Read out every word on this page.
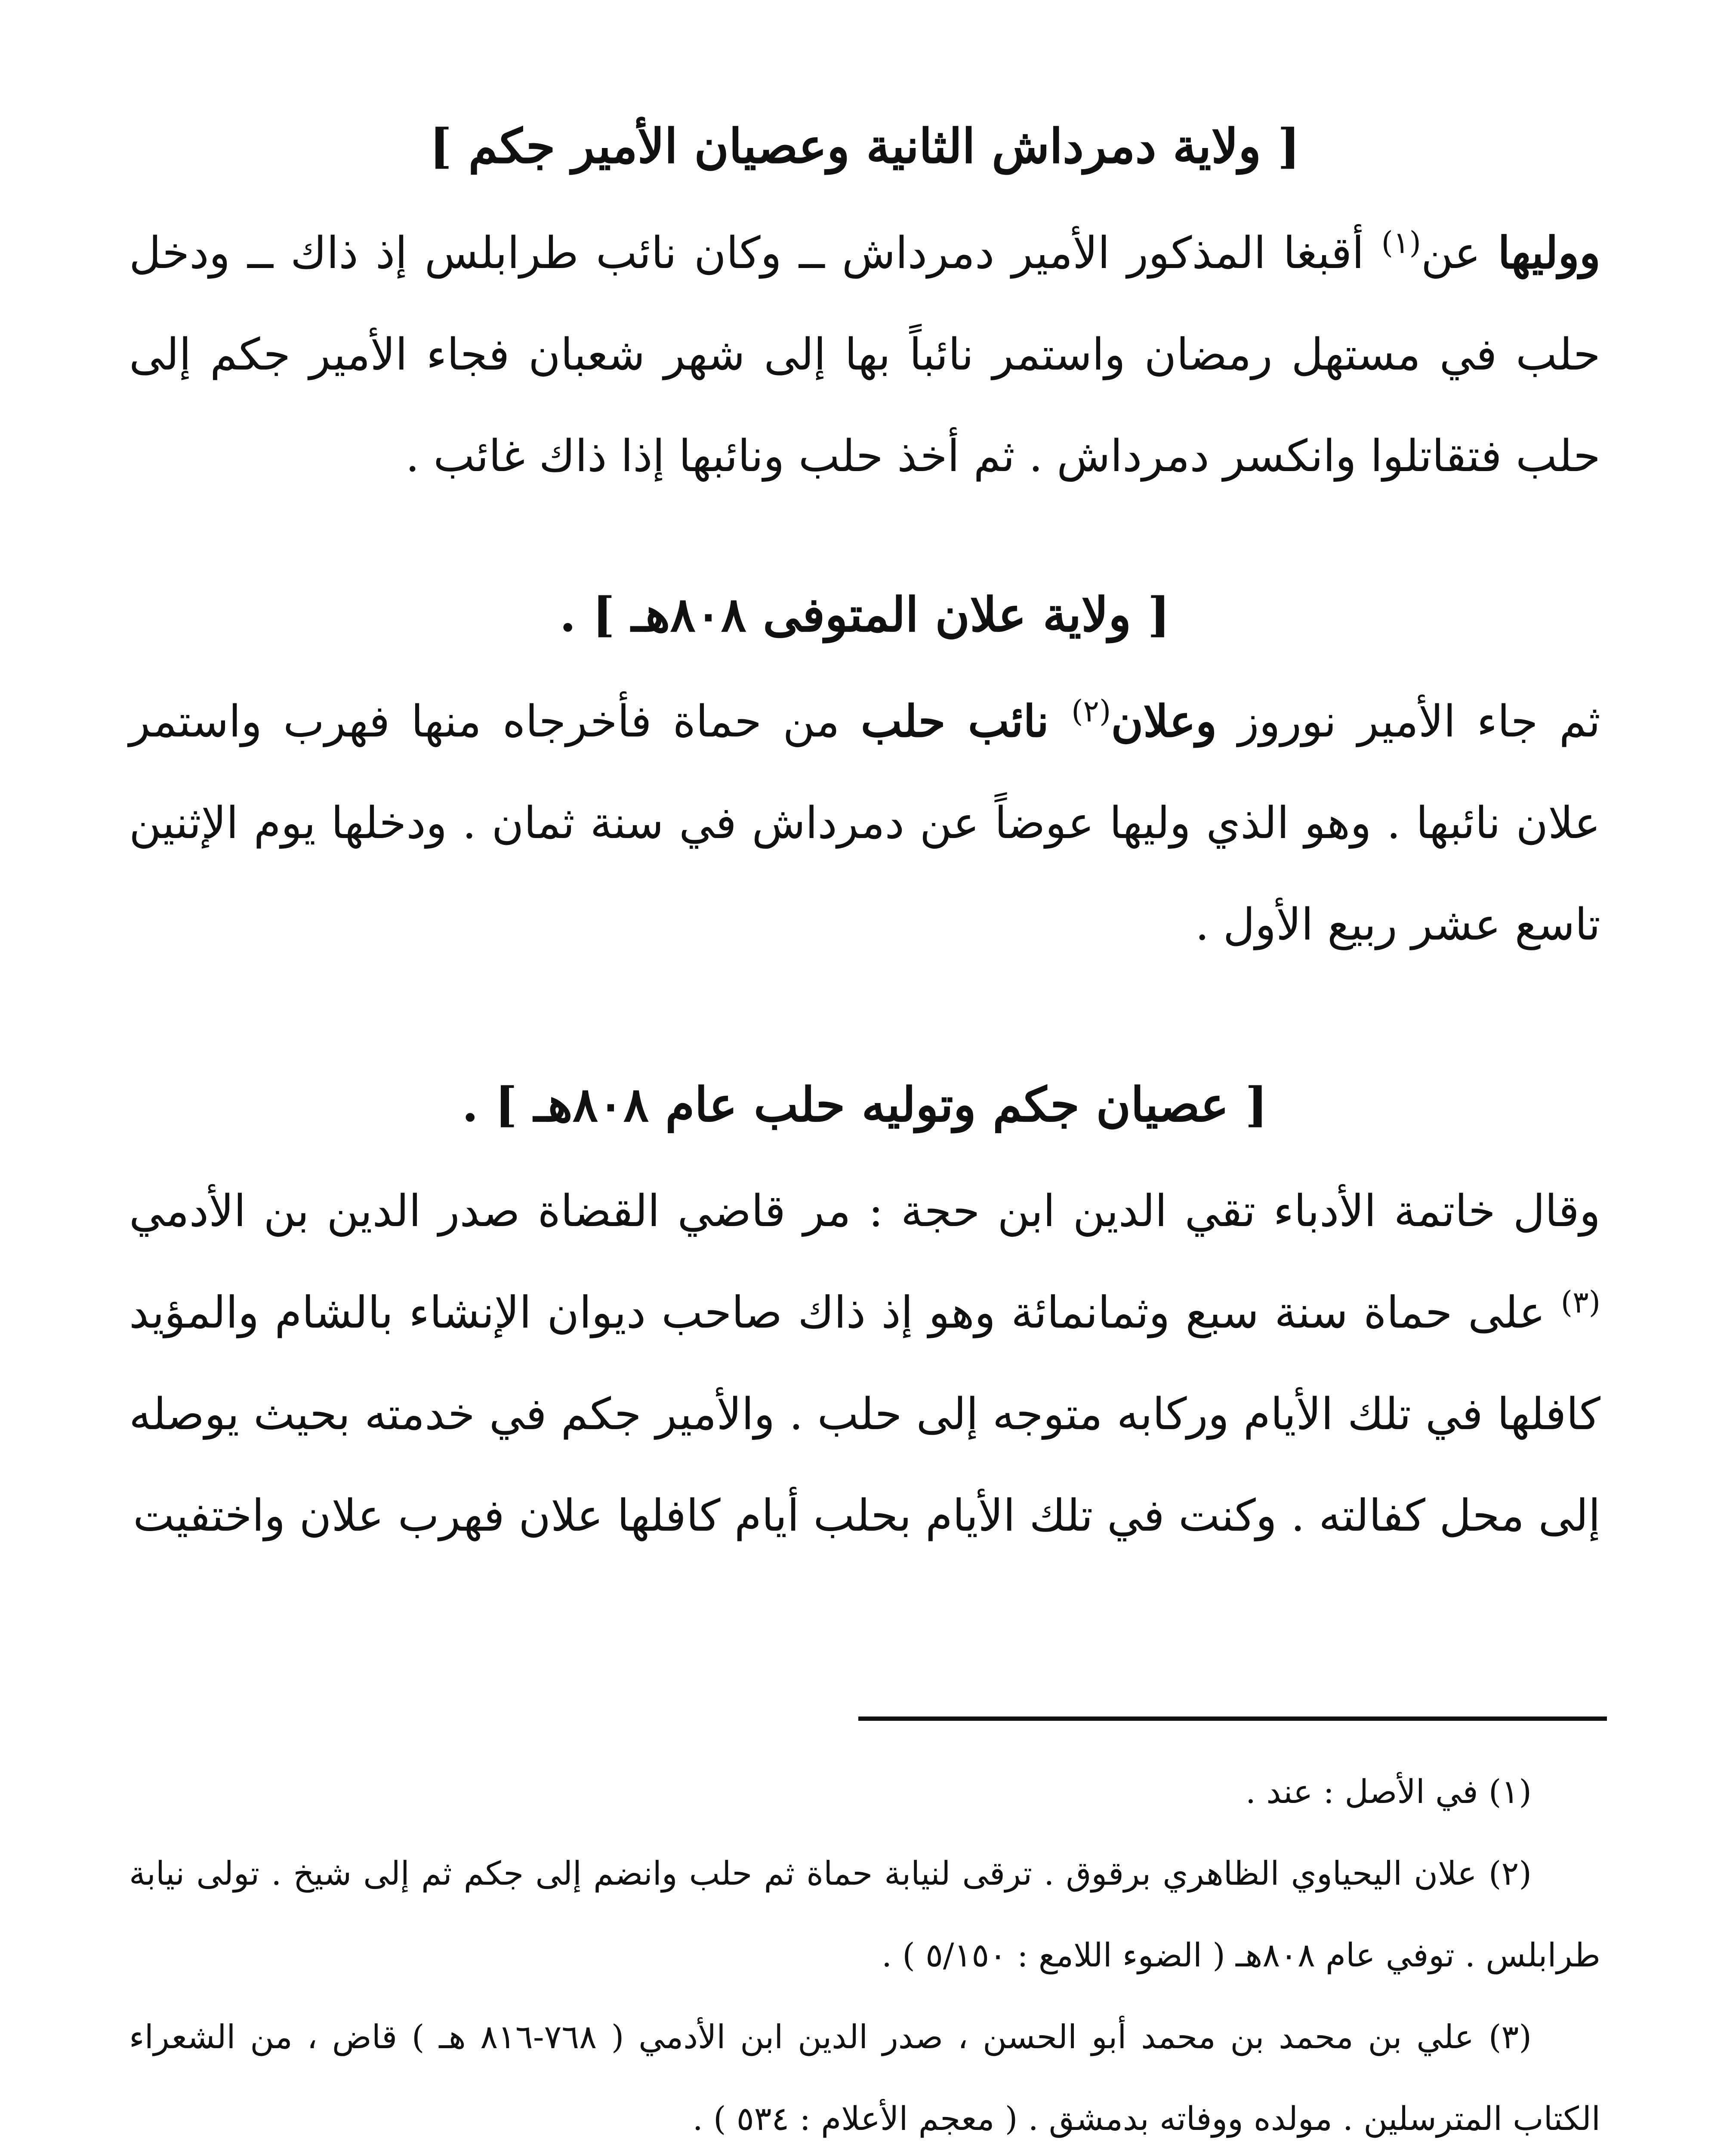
[ ولاية دمرداش الثانية وعصيان الأمير جكم ]

ووليها عن$^{(١)}$ أقبغا المذكور الأمير دمرداش ــ وكان نائب طرابلس إذ ذاك ــ ودخل حلب في مستهل رمضان واستمر نائباً بها إلى شهر شعبان فجاء الأمير جكم إلى حلب فتقاتلوا وانكسر دمرداش . ثم أخذ حلب ونائبها إذا ذاك غائب .

[ ولاية علان المتوفى ٨٠٨هـ ] .

ثم جاء الأمير نوروز وعلان$^{(٢)}$ نائب حلب من حماة فأخرجاه منها فهرب واستمر علان نائبها . وهو الذي وليها عوضاً عن دمرداش في سنة ثمان . ودخلها يوم الإثنين تاسع عشر ربيع الأول .

[ عصيان جكم وتوليه حلب عام ٨٠٨هـ ] .

وقال خاتمة الأدباء تقي الدين ابن حجة : مر قاضي القضاة صدر الدين بن الأدمي $^{(٣)}$ على حماة سنة سبع وثمانمائة وهو إذ ذاك صاحب ديوان الإنشاء بالشام والمؤيد كافلها في تلك الأيام وركابه متوجه إلى حلب . والأمير جكم في خدمته بحيث يوصله إلى محل كفالته . وكنت في تلك الأيام بحلب أيام كافلها علان فهرب علان واختفيت

(١) في الأصل : عند .

(٢) علان اليحياوي الظاهري برقوق . ترقى لنيابة حماة ثم حلب وانضم إلى جكم ثم إلى شيخ . تولى نيابة طرابلس . توفي عام ٨٠٨هـ ( الضوء اللامع : ٥/١٥٠ ) .

(٣) علي بن محمد بن محمد أبو الحسن ، صدر الدين ابن الأدمي ( ٧٦٨-٨١٦ هـ ) قاض ، من الشعراء الكتاب المترسلين . مولده ووفاته بدمشق . ( معجم الأعلام : ٥٣٤ ) .
